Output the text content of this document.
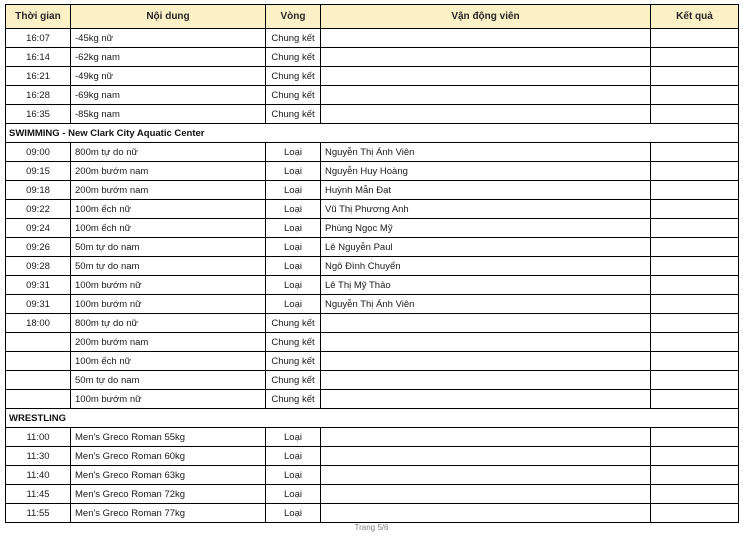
Thời gian	Nội dung	Vòng	Vận động viên	Kết quả
16:07	-45kg nữ	Chung kết		
16:14	-62kg nam	Chung kết		
16:21	-49kg nữ	Chung kết		
16:28	-69kg nam	Chung kết		
16:35	-85kg nam	Chung kết		
SWIMMING - New Clark City Aquatic Center				
09:00	800m tự do nữ	Loại	Nguyễn Thị Ánh Viên	
09:15	200m bướm nam	Loại	Nguyễn Huy Hoàng	
09:18	200m bướm nam	Loại	Huỳnh Mẫn Đạt	
09:22	100m ếch nữ	Loại	Vũ Thị Phương Anh	
09:24	100m ếch nữ	Loại	Phùng Ngọc Mỹ	
09:26	50m tự do nam	Loại	Lê Nguyễn Paul	
09:28	50m tự do nam	Loại	Ngô Đình Chuyển	
09:31	100m bướm nữ	Loại	Lê Thị Mỹ Thảo	
09:31	100m bướm nữ	Loại	Nguyễn Thị Ánh Viên	
18:00	800m tự do nữ	Chung kết		
	200m bướm nam	Chung kết		
	100m ếch nữ	Chung kết		
	50m tự do nam	Chung kết		
	100m bướm nữ	Chung kết		
WRESTLING				
11:00	Men's Greco Roman 55kg	Loại		
11:30	Men's Greco Roman 60kg	Loại		
11:40	Men's Greco Roman 63kg	Loại		
11:45	Men's Greco Roman 72kg	Loại		
11:55	Men's Greco Roman 77kg	Loại		
Trang 5/6
